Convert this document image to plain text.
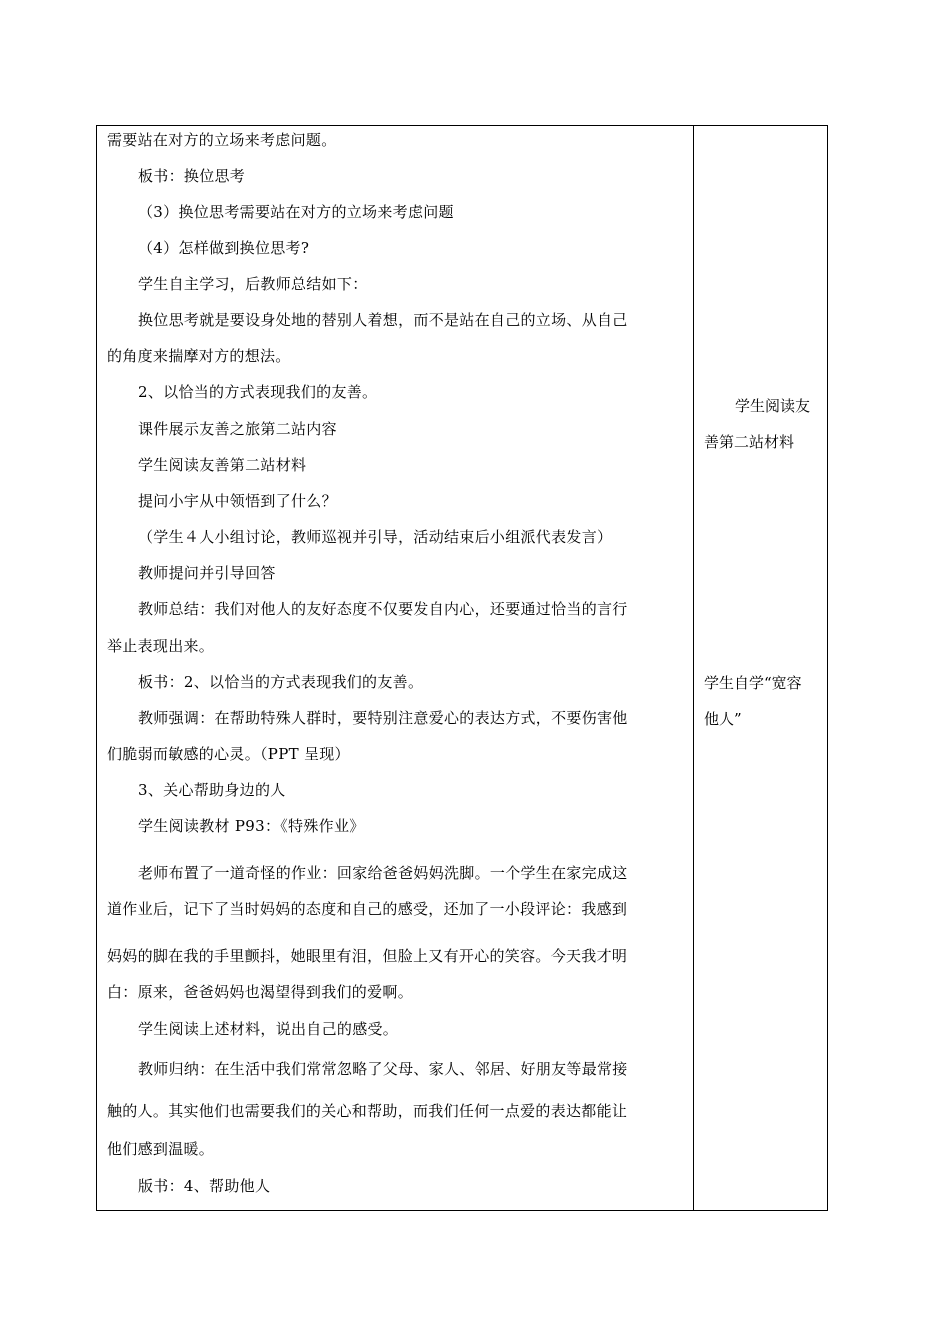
需要站在对方的立场来考虑问题。
板书：换位思考
（3）换位思考需要站在对方的立场来考虑问题
（4）怎样做到换位思考?
学生自主学习，后教师总结如下：
换位思考就是要设身处地的替别人着想，而不是站在自己的立场、从自己
的角度来揣摩对方的想法。
2、以恰当的方式表现我们的友善。
课件展示友善之旅第二站内容
学生阅读友善第二站材料
提问小宇从中领悟到了什么？
（学生４人小组讨论，教师巡视并引导，活动结束后小组派代表发言）
教师提问并引导回答
教师总结：我们对他人的友好态度不仅要发自内心，还要通过恰当的言行
举止表现出来。
板书：2、以恰当的方式表现我们的友善。
教师强调：在帮助特殊人群时，要特别注意爱心的表达方式，不要伤害他
们脆弱而敏感的心灵。（PPT 呈现）
3、关心帮助身边的人
学生阅读教材 P93：《特殊作业》
老师布置了一道奇怪的作业：回家给爸爸妈妈洗脚。一个学生在家完成这
道作业后，记下了当时妈妈的态度和自己的感受，还加了一小段评论：我感到
妈妈的脚在我的手里颤抖，她眼里有泪，但脸上又有开心的笑容。今天我才明
白：原来，爸爸妈妈也渴望得到我们的爱啊。
学生阅读上述材料，说出自己的感受。
教师归纳：在生活中我们常常忽略了父母、家人、邻居、好朋友等最常接
触的人。其实他们也需要我们的关心和帮助，而我们任何一点爱的表达都能让
他们感到温暖。
版书：4、帮助他人
学生阅读友
善第二站材料
学生自学“宽容
他人”
